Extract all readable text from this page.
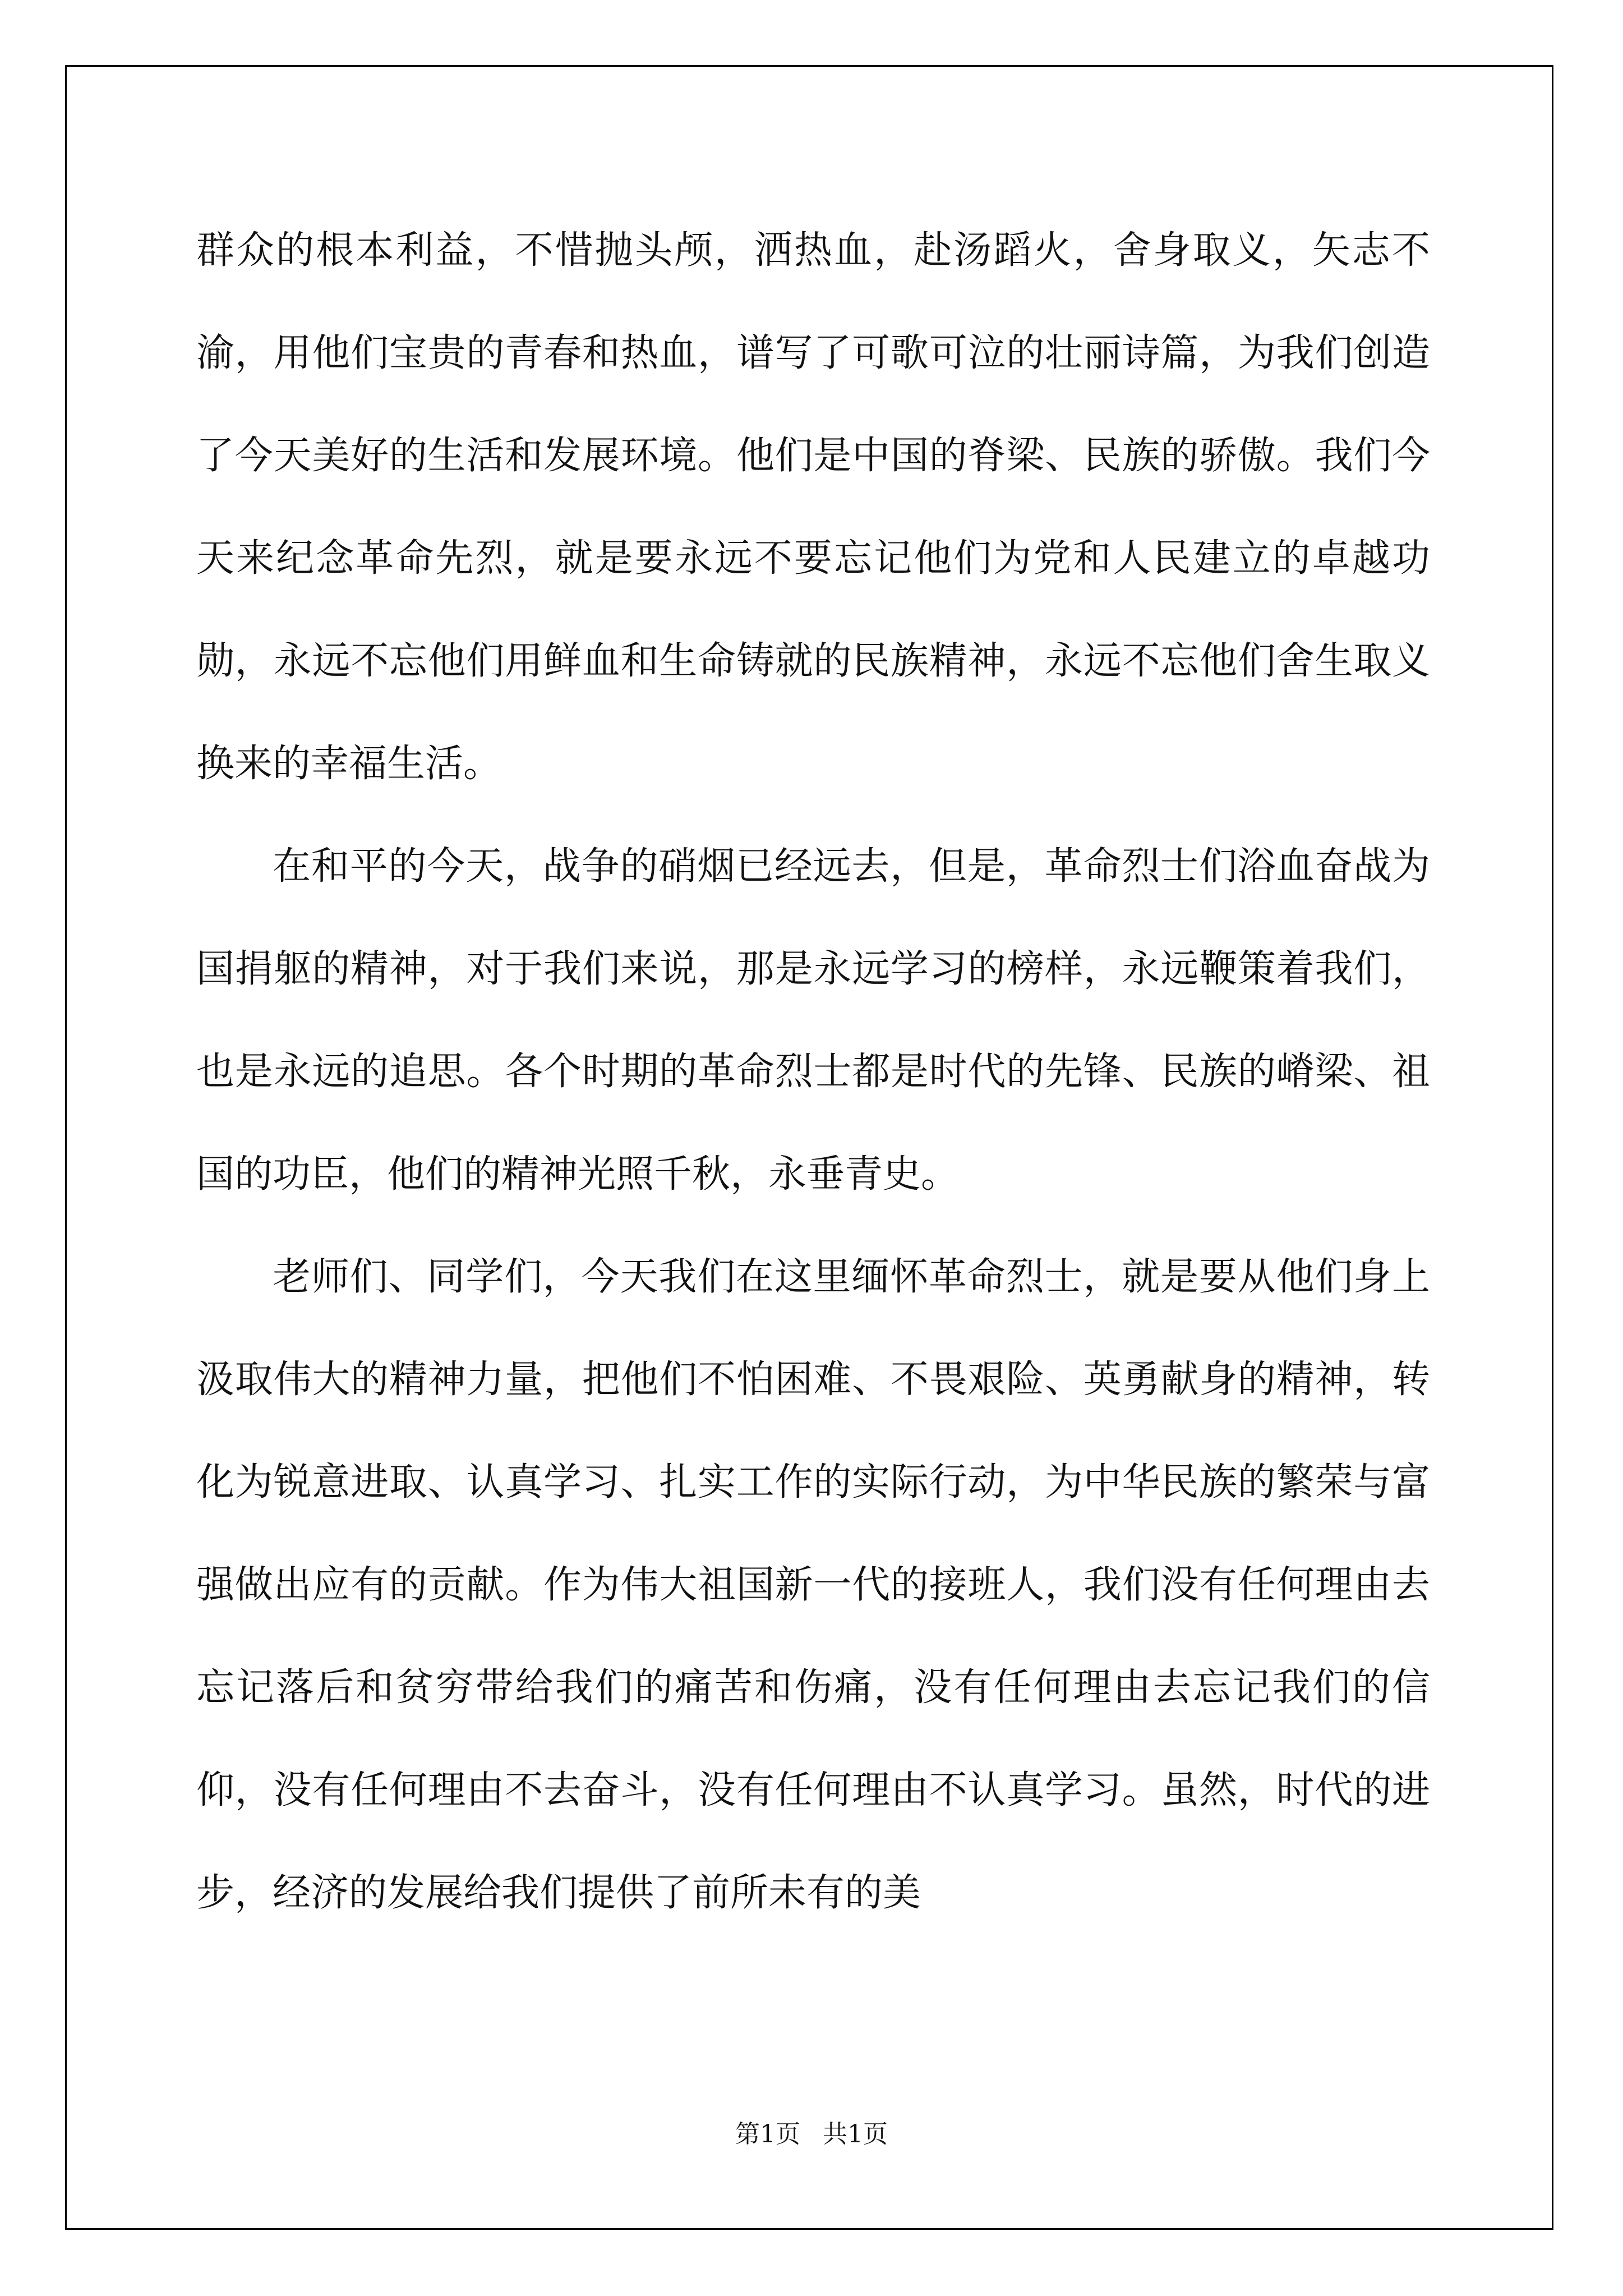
群众的根本利益，不惜抛头颅，洒热血，赴汤蹈火，舍身取义，矢志不渝，用他们宝贵的青春和热血，谱写了可歌可泣的壮丽诗篇，为我们创造了今天美好的生活和发展环境。他们是中国的脊梁、民族的骄傲。我们今天来纪念革命先烈，就是要永远不要忘记他们为党和人民建立的卓越功勋，永远不忘他们用鲜血和生命铸就的民族精神，永远不忘他们舍生取义换来的幸福生活。

在和平的今天，战争的硝烟已经远去，但是，革命烈士们浴血奋战为国捐躯的精神，对于我们来说，那是永远学习的榜样，永远鞭策着我们，也是永远的追思。各个时期的革命烈士都是时代的先锋、民族的嵴梁、祖国的功臣，他们的精神光照千秋，永垂青史。

老师们、同学们，今天我们在这里缅怀革命烈士，就是要从他们身上汲取伟大的精神力量，把他们不怕困难、不畏艰险、英勇献身的精神，转化为锐意进取、认真学习、扎实工作的实际行动，为中华民族的繁荣与富强做出应有的贡献。作为伟大祖国新一代的接班人，我们没有任何理由去忘记落后和贫穷带给我们的痛苦和伤痛，没有任何理由去忘记我们的信仰，没有任何理由不去奋斗，没有任何理由不认真学习。虽然，时代的进步，经济的发展给我们提供了前所未有的美

第1页 共1页
